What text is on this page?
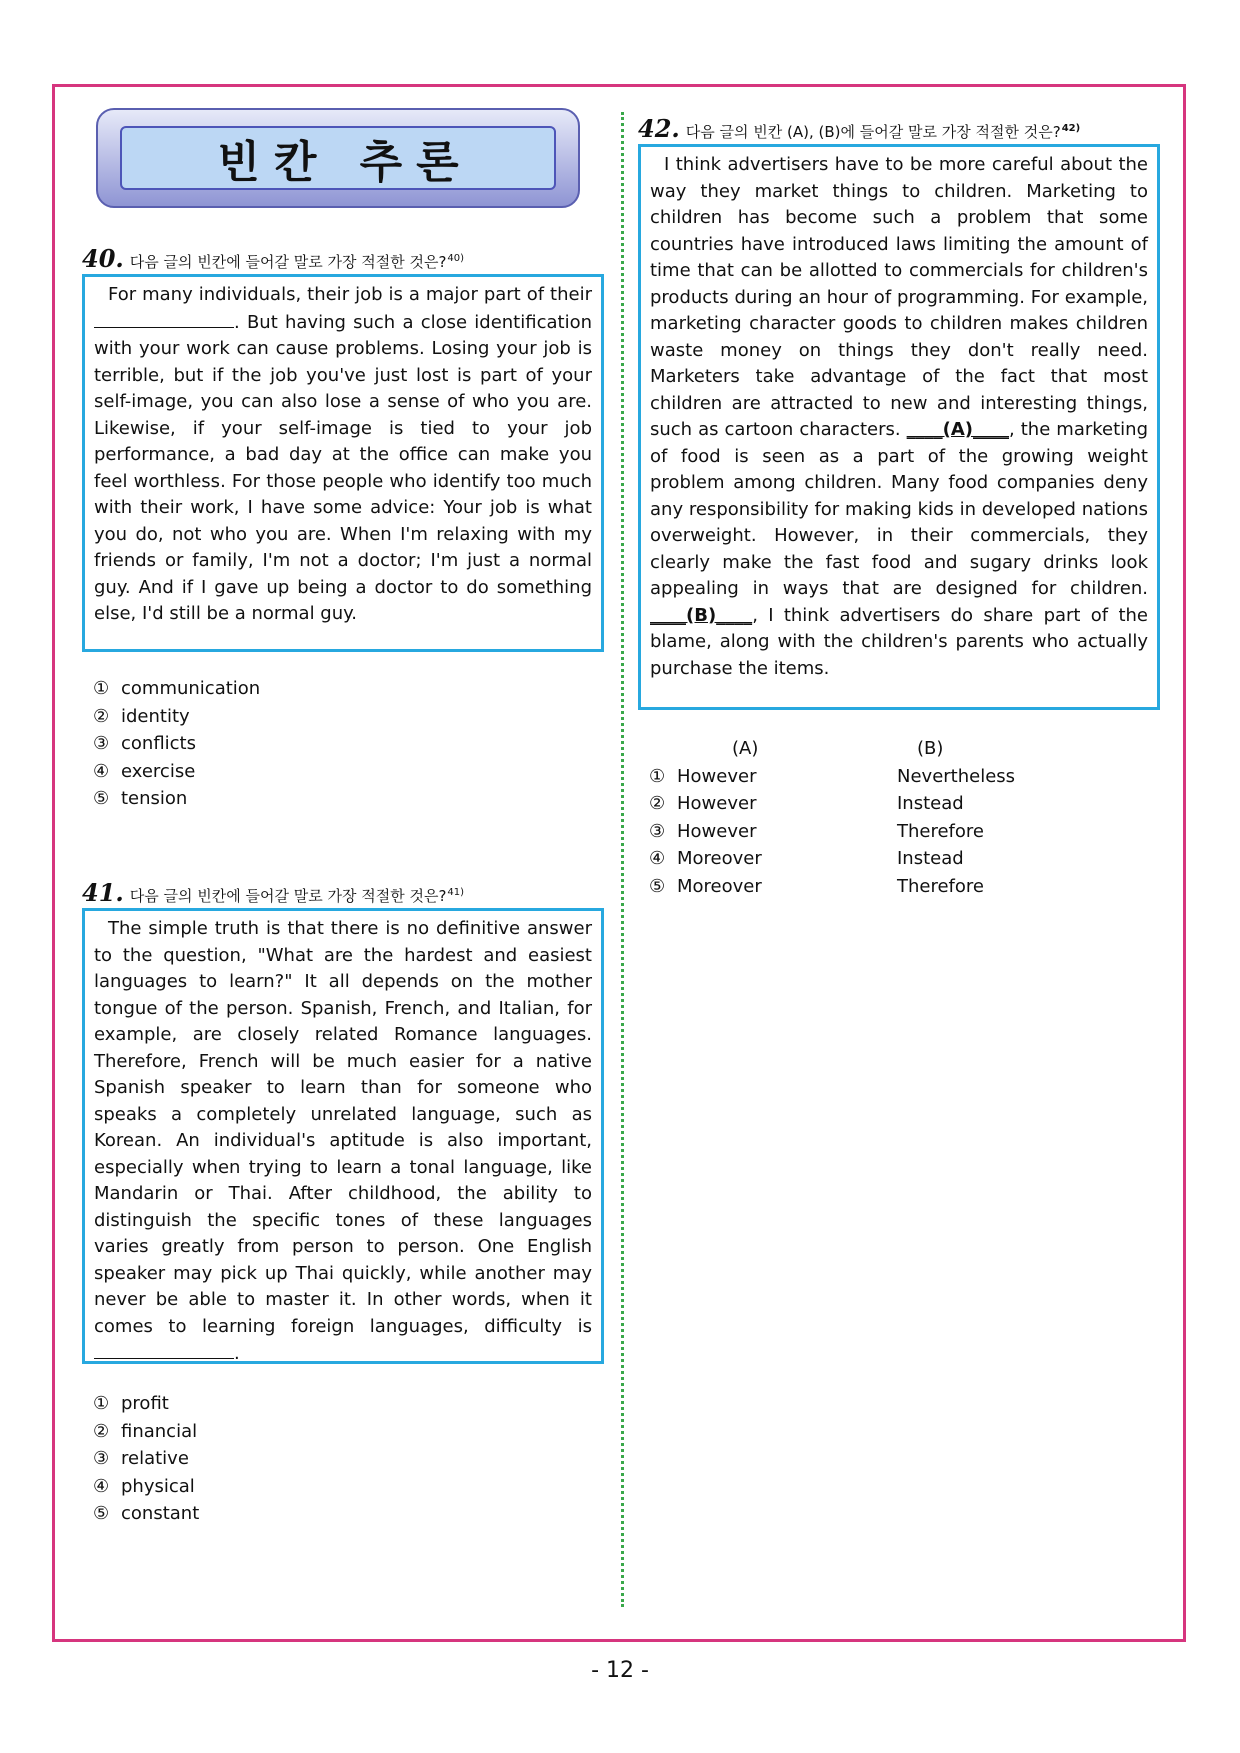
빈칸 추론
40. 다음 글의 빈칸에 들어갈 말로 가장 적절한 것은?$^{40)}$

For many individuals, their job is a major part of their . But having such a close identification with your work can cause problems. Losing your job is terrible, but if the job you've just lost is part of your self-image, you can also lose a sense of who you are. Likewise, if your self-image is tied to your job performance, a bad day at the office can make you feel worthless. For those people who identify too much with their work, I have some advice: Your job is what you do, not who you are. When I'm relaxing with my friends or family, I'm not a doctor; I'm just a normal guy. And if I gave up being a doctor to do something else, I'd still be a normal guy.

① communication
② identity
③ conflicts
④ exercise
⑤ tension
41. 다음 글의 빈칸에 들어갈 말로 가장 적절한 것은?$^{41)}$

The simple truth is that there is no definitive answer to the question, "What are the hardest and easiest languages to learn?" It all depends on the mother tongue of the person. Spanish, French, and Italian, for example, are closely related Romance languages. Therefore, French will be much easier for a native Spanish speaker to learn than for someone who speaks a completely unrelated language, such as Korean. An individual's aptitude is also important, especially when trying to learn a tonal language, like Mandarin or Thai. After childhood, the ability to distinguish the specific tones of these languages varies greatly from person to person. One English speaker may pick up Thai quickly, while another may never be able to master it. In other words, when it comes to learning foreign languages, difficulty is .

① profit
② financial
③ relative
④ physical
⑤ constant
42. 다음 글의 빈칸 (A), (B)에 들어갈 말로 가장 적절한 것은?$^{42)}$

I think advertisers have to be more careful about the way they market things to children. Marketing to children has become such a problem that some countries have introduced laws limiting the amount of time that can be allotted to commercials for children's products during an hour of programming. For example, marketing character goods to children makes children waste money on things they don't really need. Marketers take advantage of the fact that most children are attracted to new and interesting things, such as cartoon characters. ____(A)____, the marketing of food is seen as a part of the growing weight problem among children. Many food companies deny any responsibility for making kids in developed nations overweight. However, in their commercials, they clearly make the fast food and sugary drinks look appealing in ways that are designed for children. ____(B)____, I think advertisers do share part of the blame, along with the children's parents who actually purchase the items.

(A)	(B)
① However	Nevertheless
② However	Instead
③ However	Therefore
④ Moreover	Instead
⑤ Moreover	Therefore
- 12 -
